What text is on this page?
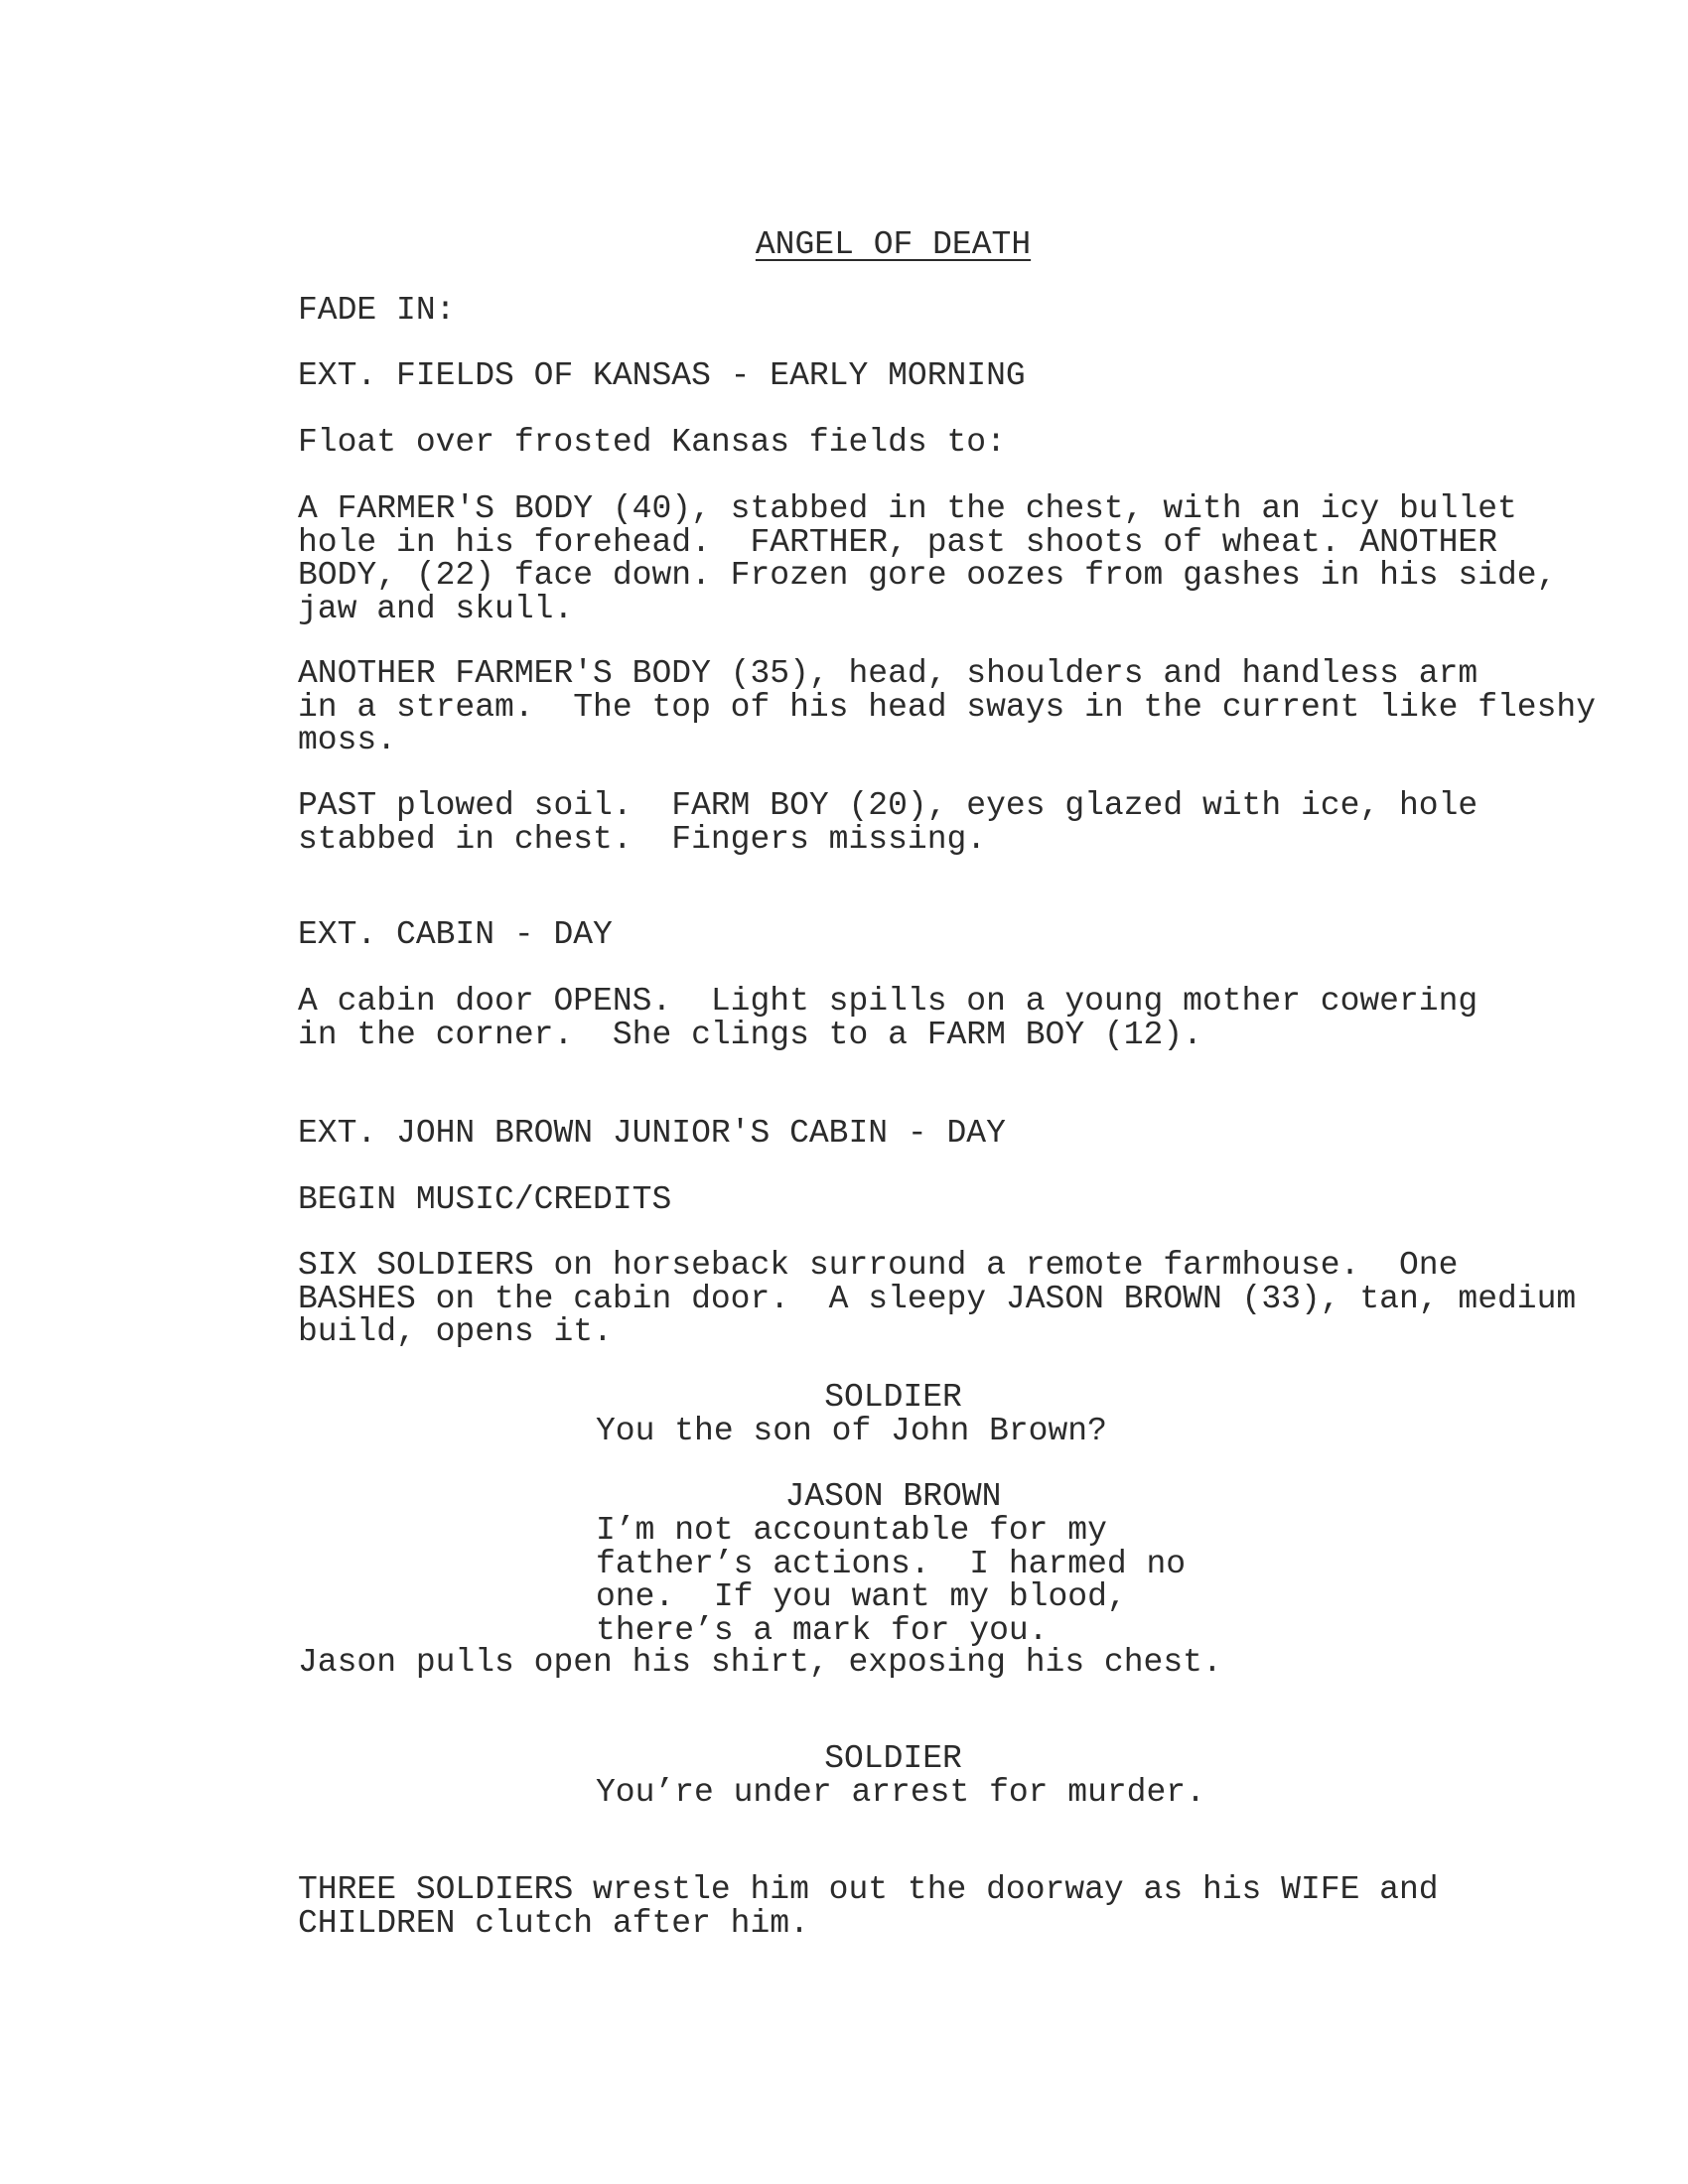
ANGEL OF DEATH
FADE IN:
EXT. FIELDS OF KANSAS - EARLY MORNING
Float over frosted Kansas fields to:
A FARMER'S BODY (40), stabbed in the chest, with an icy bullet
hole in his forehead.  FARTHER, past shoots of wheat. ANOTHER
BODY, (22) face down. Frozen gore oozes from gashes in his side,
jaw and skull.
ANOTHER FARMER'S BODY (35), head, shoulders and handless arm
in a stream.  The top of his head sways in the current like fleshy
moss.
PAST plowed soil.  FARM BOY (20), eyes glazed with ice, hole
stabbed in chest.  Fingers missing.
EXT. CABIN - DAY
A cabin door OPENS.  Light spills on a young mother cowering
in the corner.  She clings to a FARM BOY (12).
EXT. JOHN BROWN JUNIOR'S CABIN - DAY
BEGIN MUSIC/CREDITS
SIX SOLDIERS on horseback surround a remote farmhouse.  One
BASHES on the cabin door.  A sleepy JASON BROWN (33), tan, medium
build, opens it.
SOLDIER
You the son of John Brown?
JASON BROWN
I’m not accountable for my
father’s actions.  I harmed no
one.  If you want my blood,
there’s a mark for you.
Jason pulls open his shirt, exposing his chest.
SOLDIER
You’re under arrest for murder.
THREE SOLDIERS wrestle him out the doorway as his WIFE and
CHILDREN clutch after him.
